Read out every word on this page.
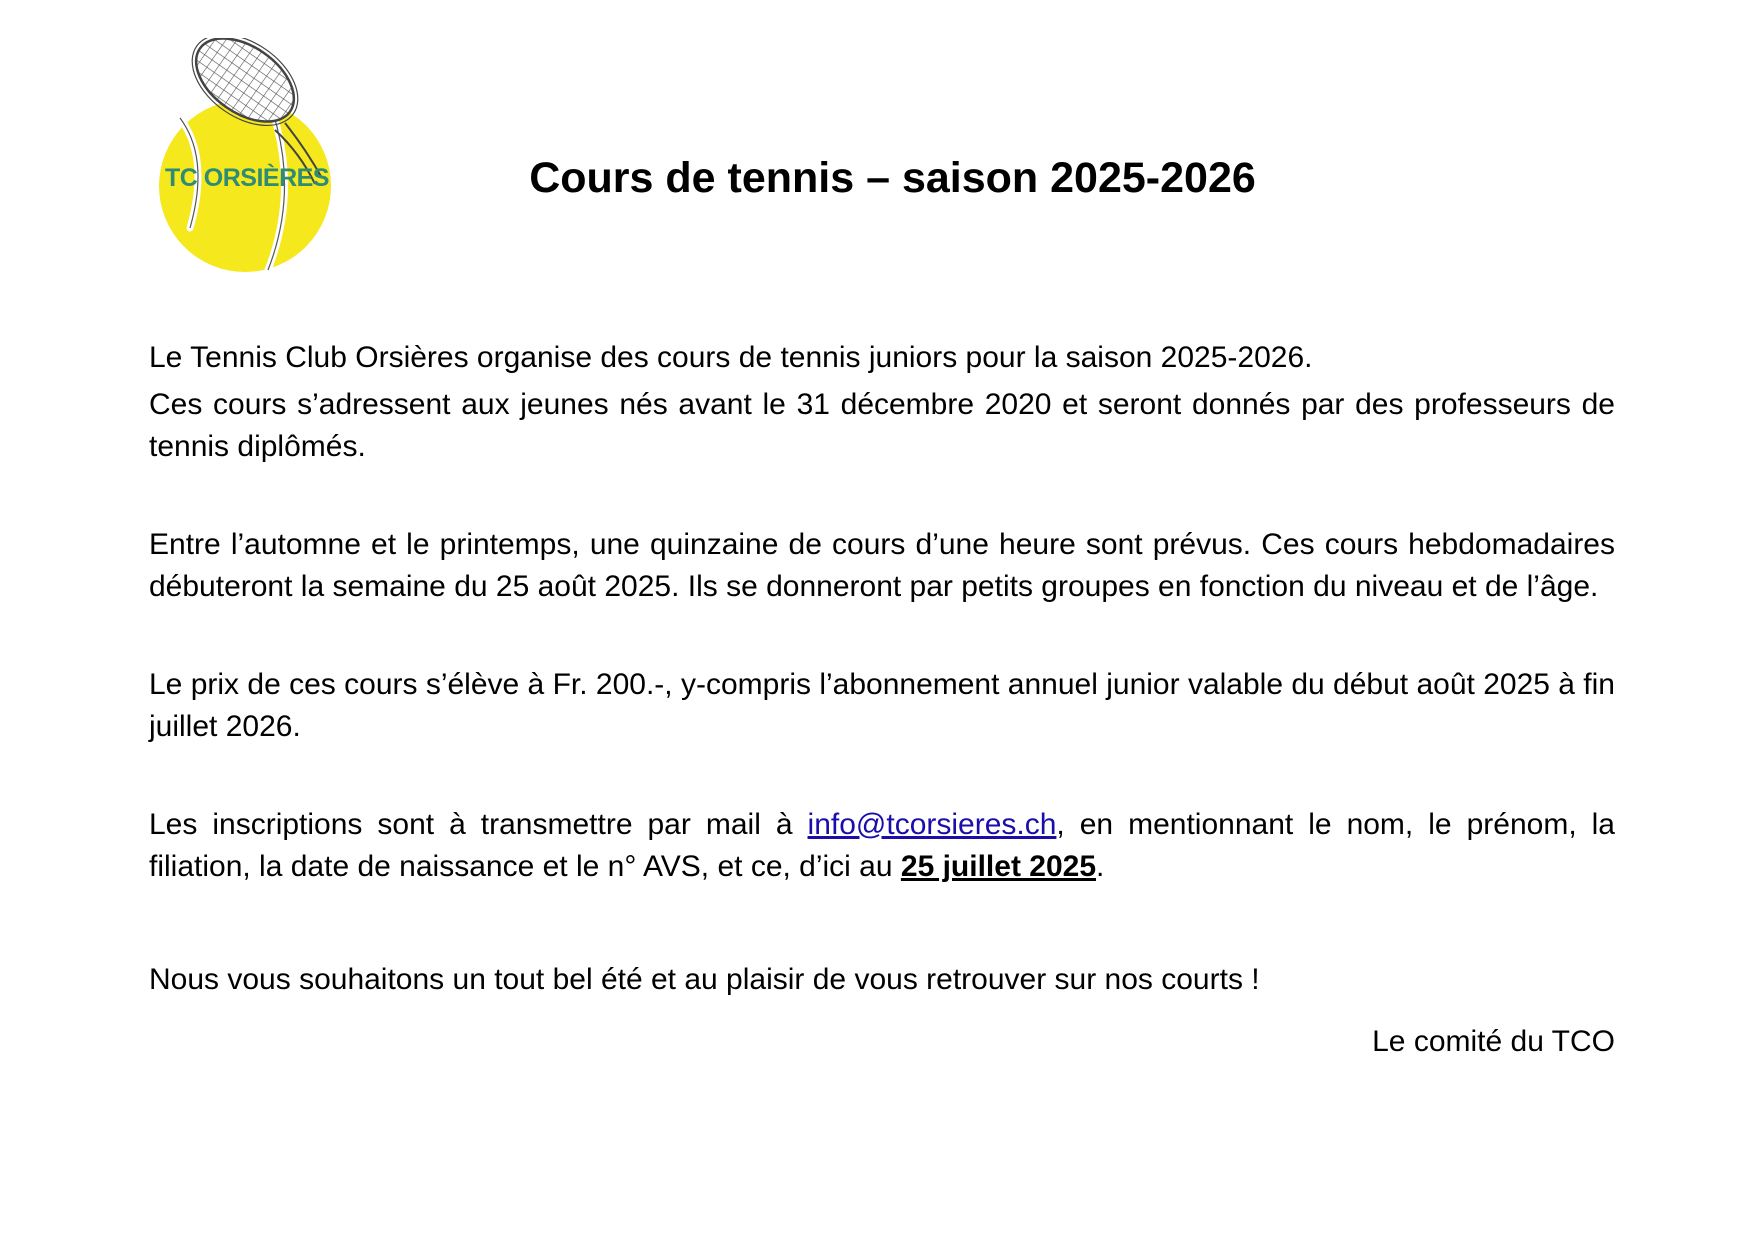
TC ORSIÈRES	Cours de tennis – saison 2025-2026

Le Tennis Club Orsières organise des cours de tennis juniors pour la saison 2025-2026.

Ces cours s’adressent aux jeunes nés avant le 31 décembre 2020 et seront donnés par des professeurs de tennis diplômés.

Entre l’automne et le printemps, une quinzaine de cours d’une heure sont prévus. Ces cours hebdomadaires débuteront la semaine du 25 août 2025. Ils se donneront par petits groupes en fonction du niveau et de l’âge.

Le prix de ces cours s’élève à Fr. 200.-, y-compris l’abonnement annuel junior valable du début août 2025 à fin juillet 2026.

Les inscriptions sont à transmettre par mail à info@tcorsieres.ch, en mentionnant le nom, le prénom, la filiation, la date de naissance et le n° AVS, et ce, d’ici au 25 juillet 2025.

Nous vous souhaitons un tout bel été et au plaisir de vous retrouver sur nos courts !

Le comité du TCO
